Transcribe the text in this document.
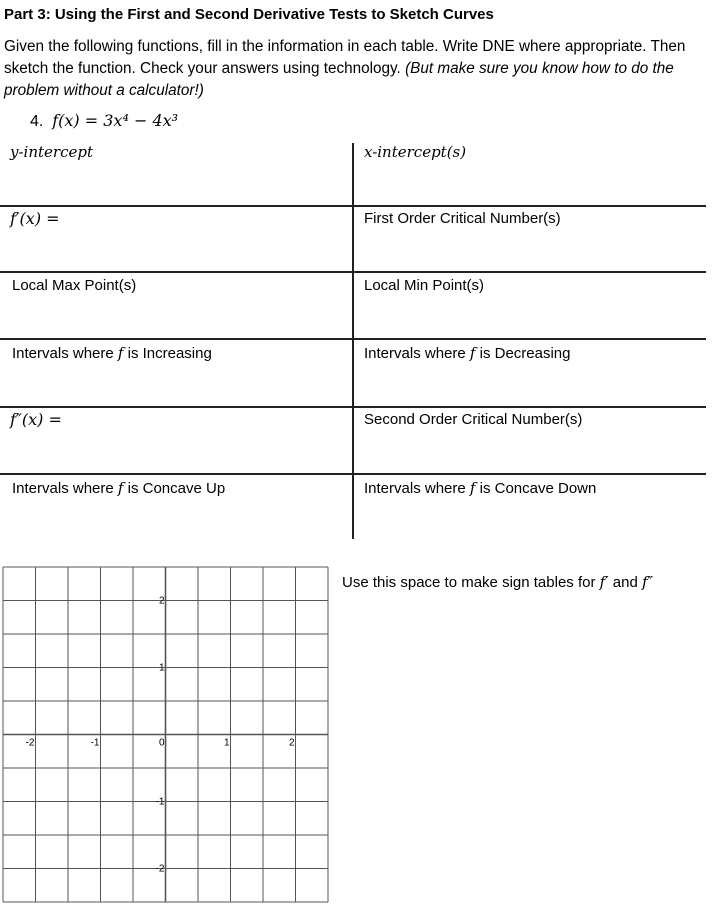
Part 3: Using the First and Second Derivative Tests to Sketch Curves
Given the following functions, fill in the information in each table. Write DNE where appropriate. Then sketch the function. Check your answers using technology. (But make sure you know how to do the problem without a calculator!)
4. f(x) = 3x⁴ − 4x³
y-intercept	x-intercept(s)
f′(x) =	First Order Critical Number(s)
Local Max Point(s)	Local Min Point(s)
Intervals where f is Increasing	Intervals where f is Decreasing
f″(x) =	Second Order Critical Number(s)
Intervals where f is Concave Up	Intervals where f is Concave Down
-2	-1	0	1	2
2
1
-1
-2
Use this space to make sign tables for f′ and f″
